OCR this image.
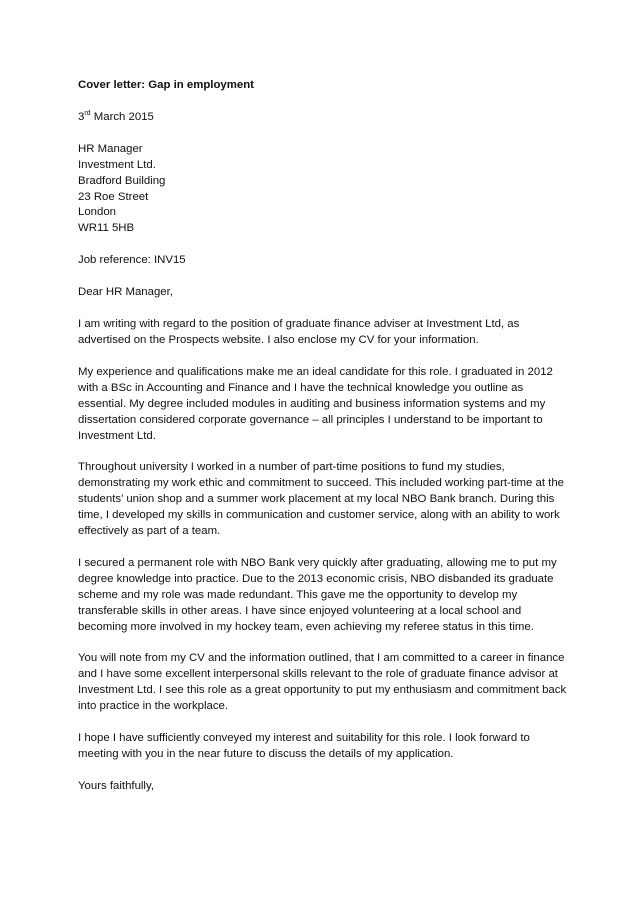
Cover letter: Gap in employment

3rd March 2015
HR Manager
Investment Ltd.
Bradford Building
23 Roe Street
London
WR11 5HB
Job reference: INV15
Dear HR Manager,
I am writing with regard to the position of graduate finance adviser at Investment Ltd, as advertised on the Prospects website. I also enclose my CV for your information.
My experience and qualifications make me an ideal candidate for this role. I graduated in 2012 with a BSc in Accounting and Finance and I have the technical knowledge you outline as essential. My degree included modules in auditing and business information systems and my dissertation considered corporate governance – all principles I understand to be important to Investment Ltd.
Throughout university I worked in a number of part-time positions to fund my studies, demonstrating my work ethic and commitment to succeed. This included working part-time at the students’ union shop and a summer work placement at my local NBO Bank branch. During this time, I developed my skills in communication and customer service, along with an ability to work effectively as part of a team.
I secured a permanent role with NBO Bank very quickly after graduating, allowing me to put my degree knowledge into practice. Due to the 2013 economic crisis, NBO disbanded its graduate scheme and my role was made redundant. This gave me the opportunity to develop my transferable skills in other areas. I have since enjoyed volunteering at a local school and becoming more involved in my hockey team, even achieving my referee status in this time.
You will note from my CV and the information outlined, that I am committed to a career in finance and I have some excellent interpersonal skills relevant to the role of graduate finance advisor at Investment Ltd. I see this role as a great opportunity to put my enthusiasm and commitment back into practice in the workplace.
I hope I have sufficiently conveyed my interest and suitability for this role. I look forward to meeting with you in the near future to discuss the details of my application.
Yours faithfully,
